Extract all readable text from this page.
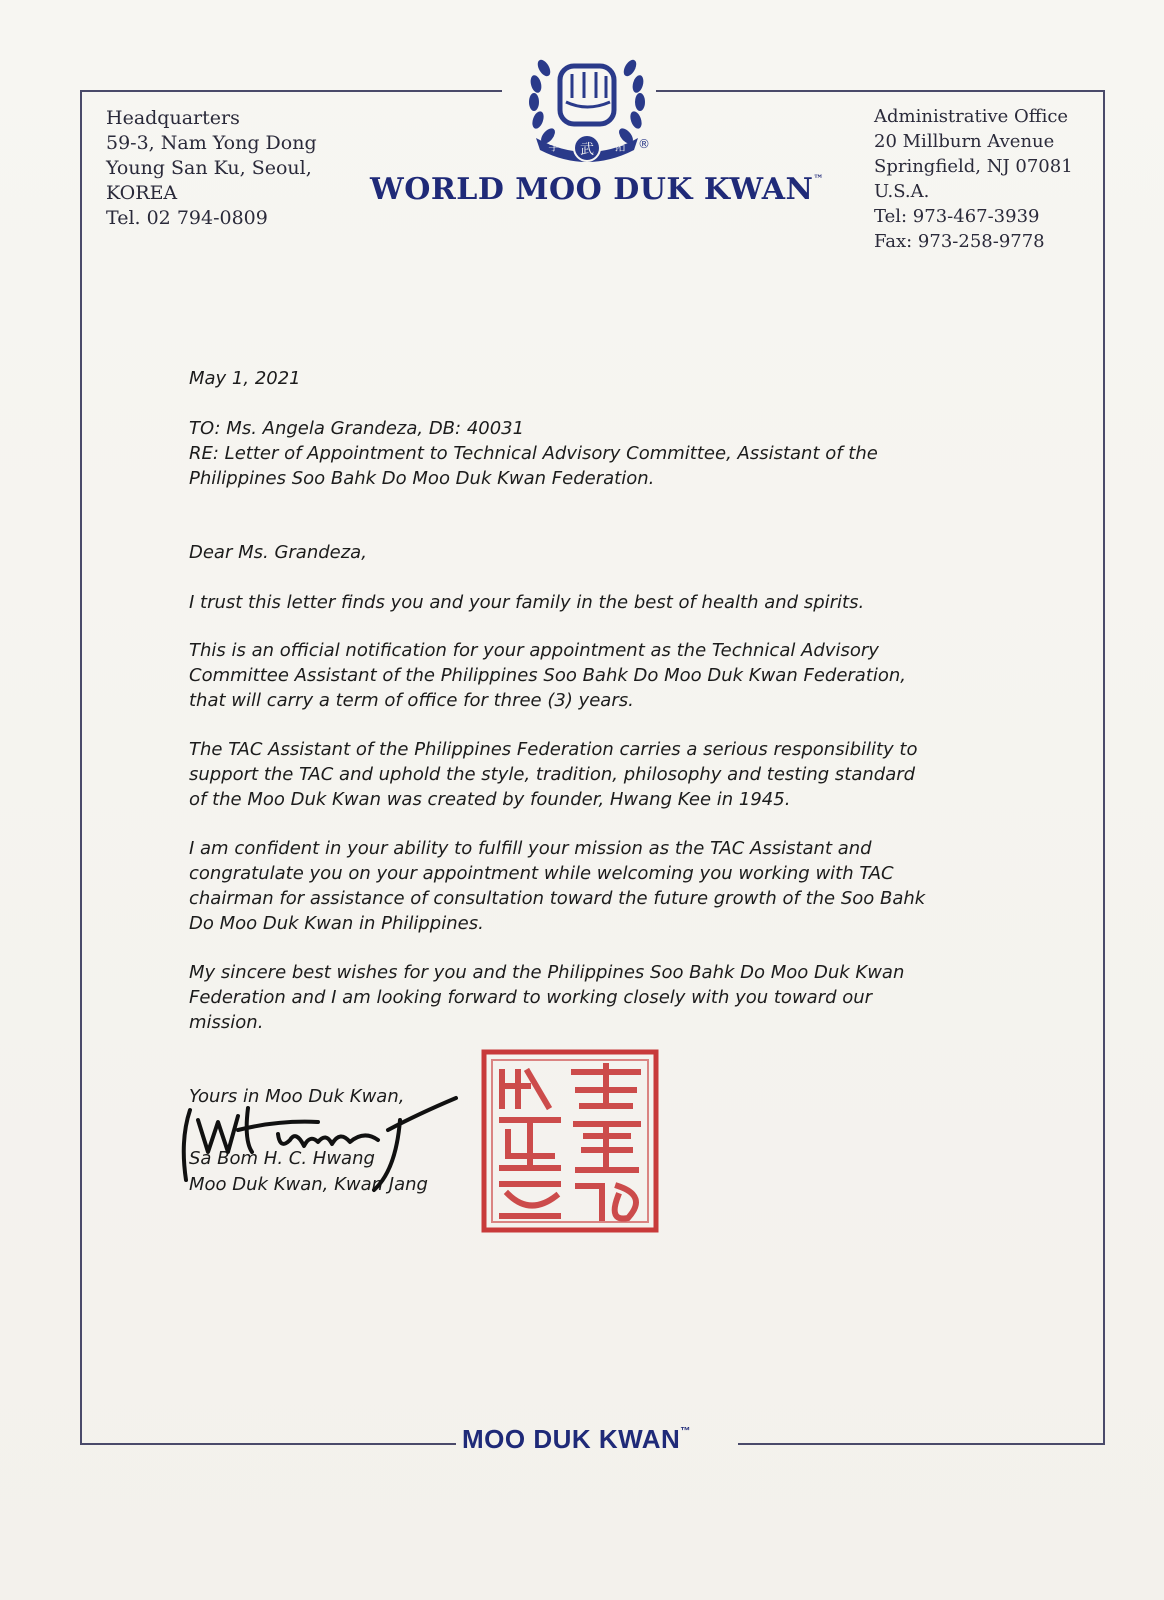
Headquarters
59-3, Nam Yong Dong
Young San Ku, Seoul,
KOREA
Tel. 02 794-0809
武
手	拓 ®
WORLD MOO DUK KWAN™
Administrative Office
20 Millburn Avenue
Springfield, NJ 07081
U.S.A.
Tel: 973-467-3939
Fax: 973-258-9778
May 1, 2021

TO: Ms. Angela Grandeza, DB: 40031

RE: Letter of Appointment to Technical Advisory Committee, Assistant of the

Philippines Soo Bahk Do Moo Duk Kwan Federation.

Dear Ms. Grandeza,

I trust this letter finds you and your family in the best of health and spirits.

This is an official notification for your appointment as the Technical Advisory

Committee Assistant of the Philippines Soo Bahk Do Moo Duk Kwan Federation,

that will carry a term of office for three (3) years.

The TAC Assistant of the Philippines Federation carries a serious responsibility to

support the TAC and uphold the style, tradition, philosophy and testing standard

of the Moo Duk Kwan was created by founder, Hwang Kee in 1945.

I am confident in your ability to fulfill your mission as the TAC Assistant and

congratulate you on your appointment while welcoming you working with TAC

chairman for assistance of consultation toward the future growth of the Soo Bahk

Do Moo Duk Kwan in Philippines.

My sincere best wishes for you and the Philippines Soo Bahk Do Moo Duk Kwan

Federation and I am looking forward to working closely with you toward our

mission.

Yours in Moo Duk Kwan,
Sa Bom H. C. Hwang
Moo Duk Kwan, Kwan Jang
MOO DUK KWAN™
